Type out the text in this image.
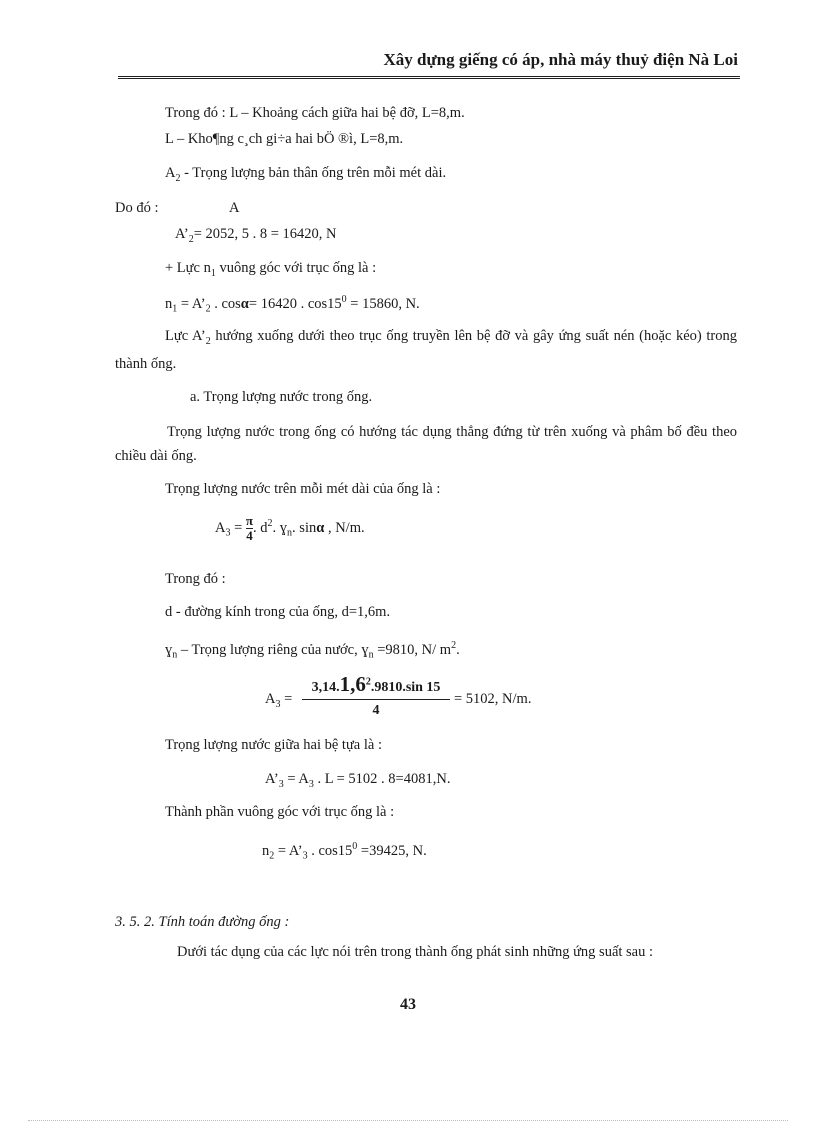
Xây dựng giếng có áp, nhà máy thuỷ điện Nà Loi
Trong đó : L – Khoảng cách giữa hai bệ đỡ, L=8,m.
L – Kho¶ng c¸ch gi÷a hai bÖ ®ì, L=8,m.
$A_2$ - Trọng lượng bản thân ống trên mỗi mét dài.
Do đó :	A
$A’_2= 2052$, 5 . 8 = 16420, N
+ Lực $n_1$ vuông góc với trục ống là :
$n_1$ = $A’_2$ . cosα= 16420 . $\cos 15^0 = 15860$, N.
Lực $A’_2$ hướng xuống dưới theo trục ống truyền lên bệ đỡ và gây ứng suất nén (hoặc kéo) trong thành ống.
a. Trọng lượng nước trong ống.
Trọng lượng nước trong ống có hướng tác dụng thẳng đứng từ trên xuống và phâm bố đều theo chiều dài ống.
Trọng lượng nước trên mỗi mét dài của ống là :
$A_3 = \frac{\pi}{4}$ . $d^2$. ɣ$_n$. sinα , N/m.
Trong đó :
d - đường kính trong của ống, d=1,6m.
ɣ$_n$ – Trọng lượng riêng của nước, ɣ$_n$ =9810, N/ $m^2$.
$A_3$ =
$3,14.1,6^2.9810.\sin$ 15
4
= 5102, N/m.
Trọng lượng nước giữa hai bệ tựa là :
$A’_3 = A_3$ . L = 5102 . 8=4081,N.
Thành phần vuông góc với trục ống là :
$n_2$ = $A’_3$ . $\cos 15^0 =39425$, N.
3. 5. 2. Tính toán đường ống :
Dưới tác dụng của các lực nói trên trong thành ống phát sinh những ứng suất sau :
43
